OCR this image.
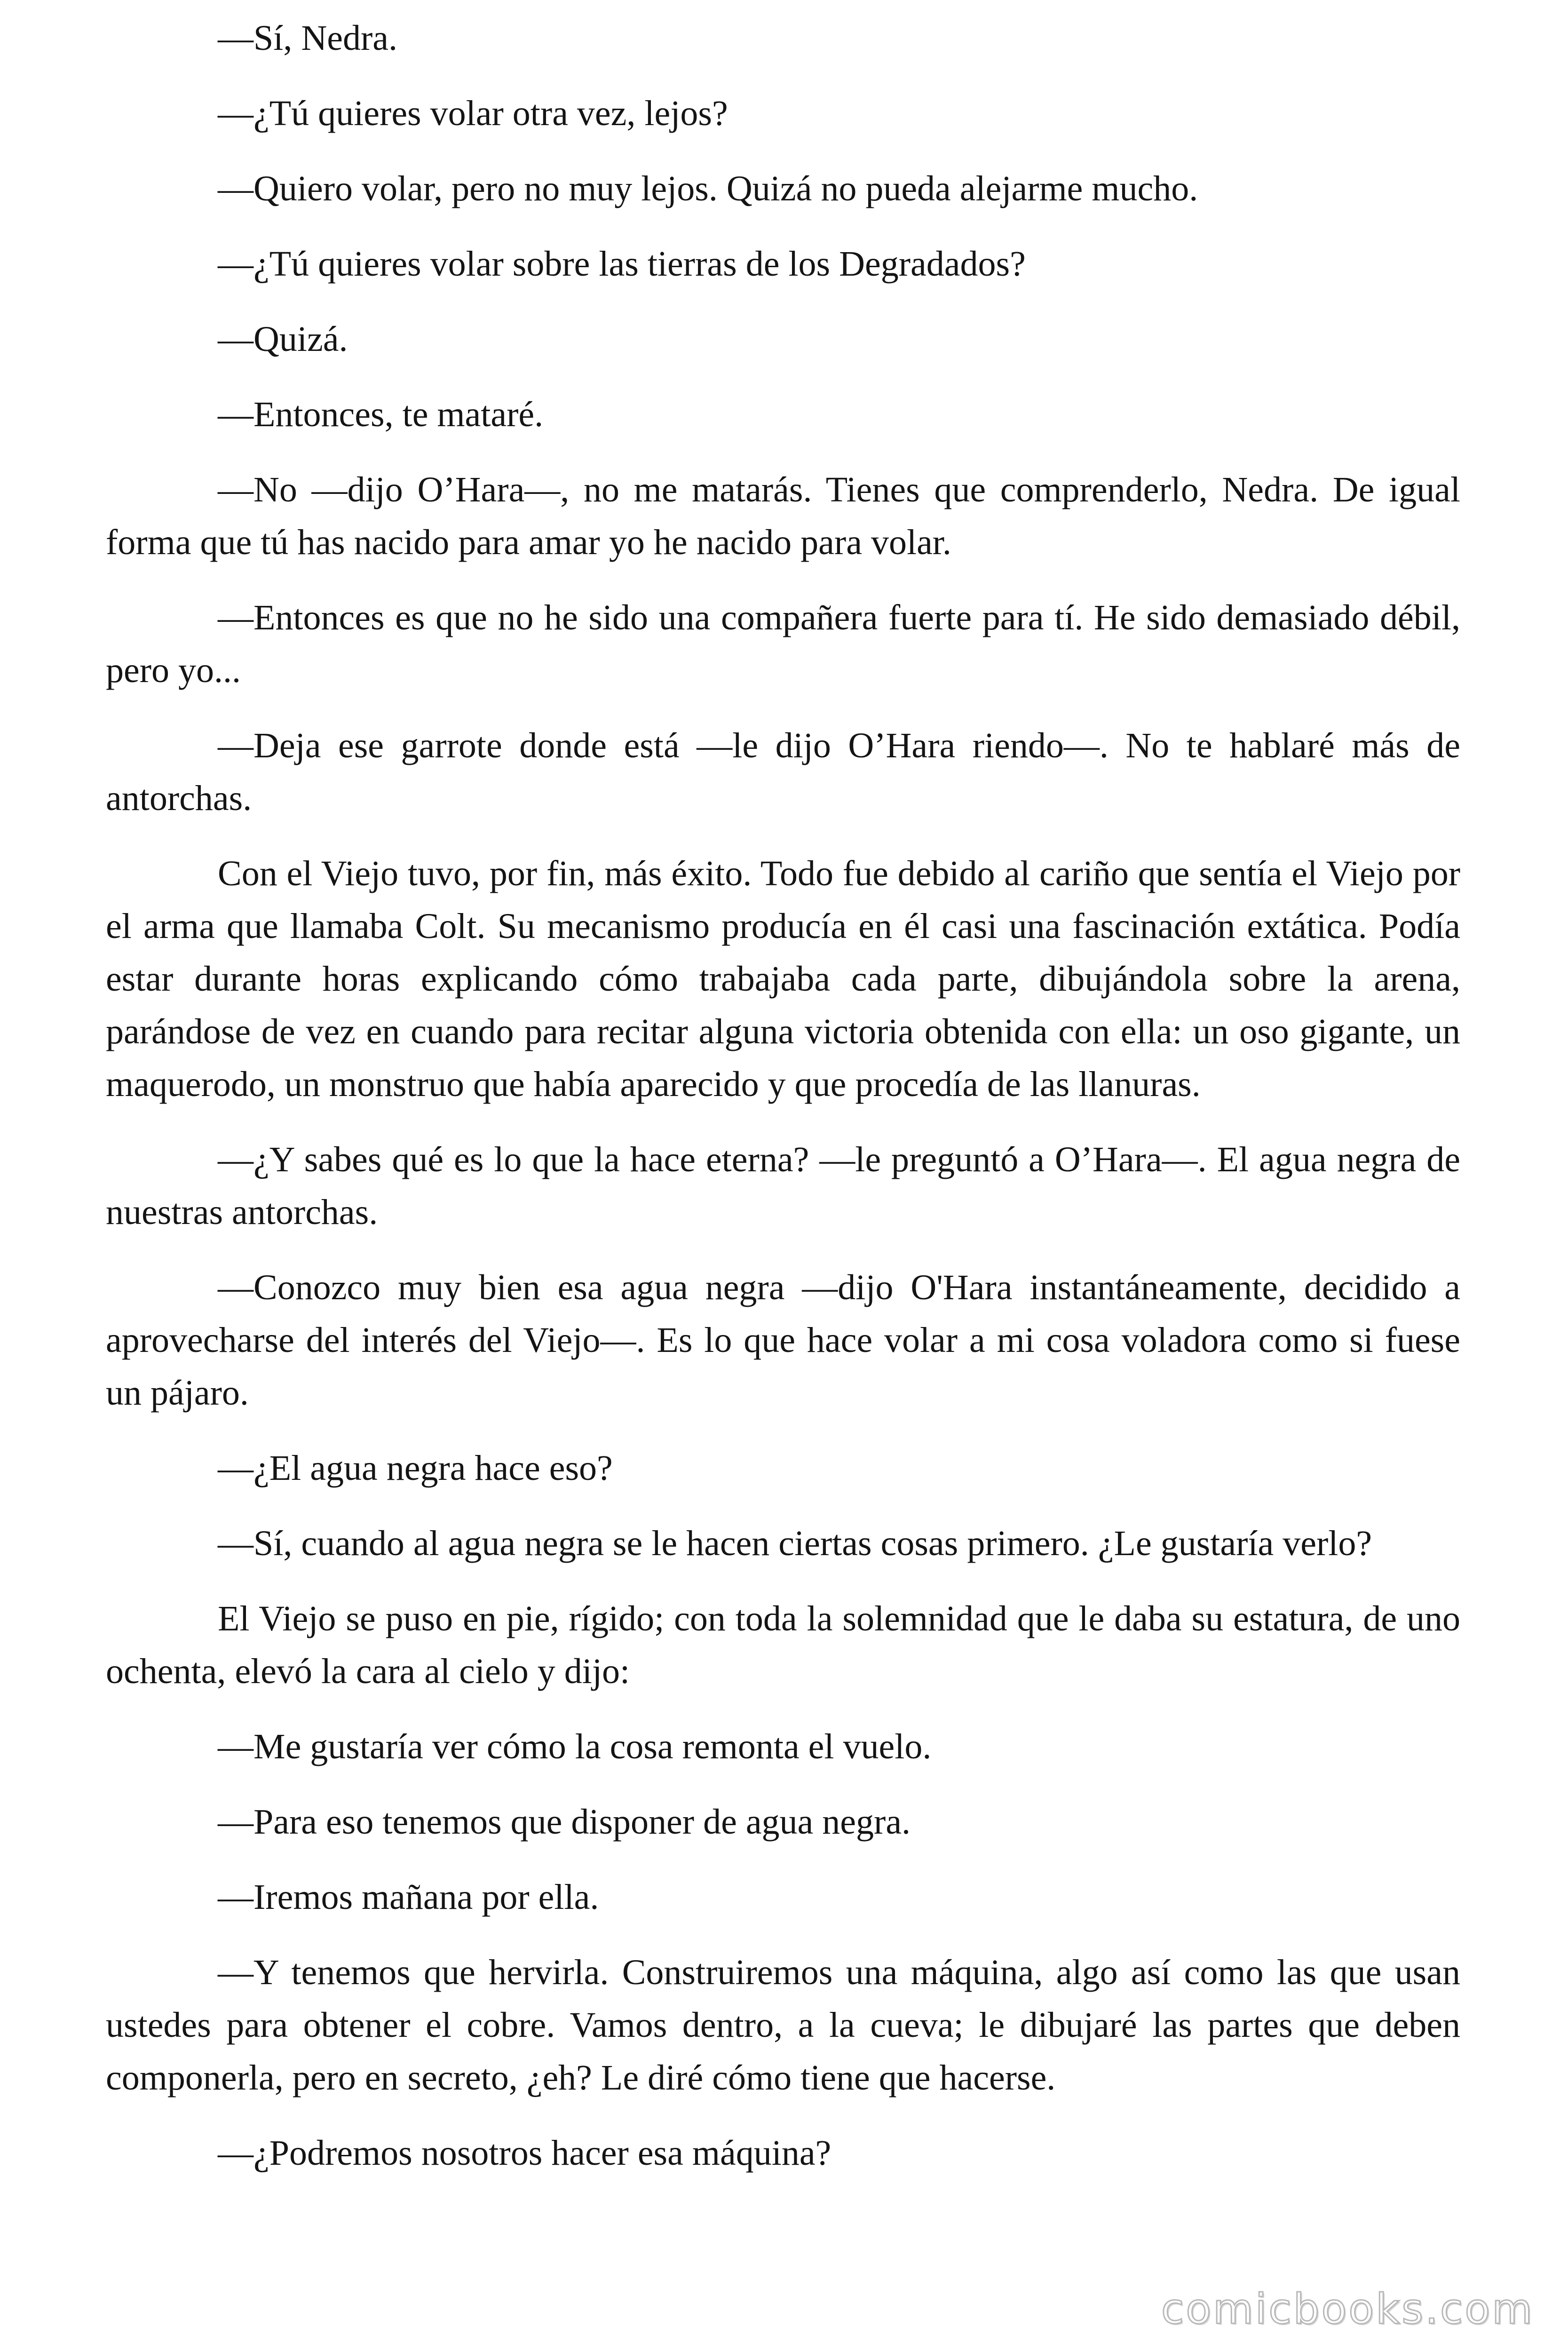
—Sí, Nedra.

—¿Tú quieres volar otra vez, lejos?

—Quiero volar, pero no muy lejos. Quizá no pueda alejarme mucho.

—¿Tú quieres volar sobre las tierras de los Degradados?

—Quizá.

—Entonces, te mataré.

—No —dijo O’Hara—, no me matarás. Tienes que comprenderlo, Nedra. De igual forma que tú has nacido para amar yo he nacido para volar.

—Entonces es que no he sido una compañera fuerte para tí. He sido demasiado débil, pero yo...

—Deja ese garrote donde está —le dijo O’Hara riendo—. No te hablaré más de antorchas.

Con el Viejo tuvo, por fin, más éxito. Todo fue debido al cariño que sentía el Viejo por el arma que llamaba Colt. Su mecanismo producía en él casi una fascinación extática. Podía estar durante horas explicando cómo trabajaba cada parte, dibujándola sobre la arena, parándose de vez en cuando para recitar alguna victoria obtenida con ella: un oso gigante, un maquerodo, un monstruo que había aparecido y que procedía de las llanuras.

—¿Y sabes qué es lo que la hace eterna? —le preguntó a O’Hara—. El agua negra de nuestras antorchas.

—Conozco muy bien esa agua negra —dijo O'Hara instantáneamente, decidido a aprovecharse del interés del Viejo—. Es lo que hace volar a mi cosa voladora como si fuese un pájaro.

—¿El agua negra hace eso?

—Sí, cuando al agua negra se le hacen ciertas cosas primero. ¿Le gustaría verlo?

El Viejo se puso en pie, rígido; con toda la solemnidad que le daba su estatura, de uno ochenta, elevó la cara al cielo y dijo:

—Me gustaría ver cómo la cosa remonta el vuelo.

—Para eso tenemos que disponer de agua negra.

—Iremos mañana por ella.

—Y tenemos que hervirla. Construiremos una máquina, algo así como las que usan ustedes para obtener el cobre. Vamos dentro, a la cueva; le dibujaré las partes que deben componerla, pero en secreto, ¿eh? Le diré cómo tiene que hacerse.

—¿Podremos nosotros hacer esa máquina?

comicbooks.com
